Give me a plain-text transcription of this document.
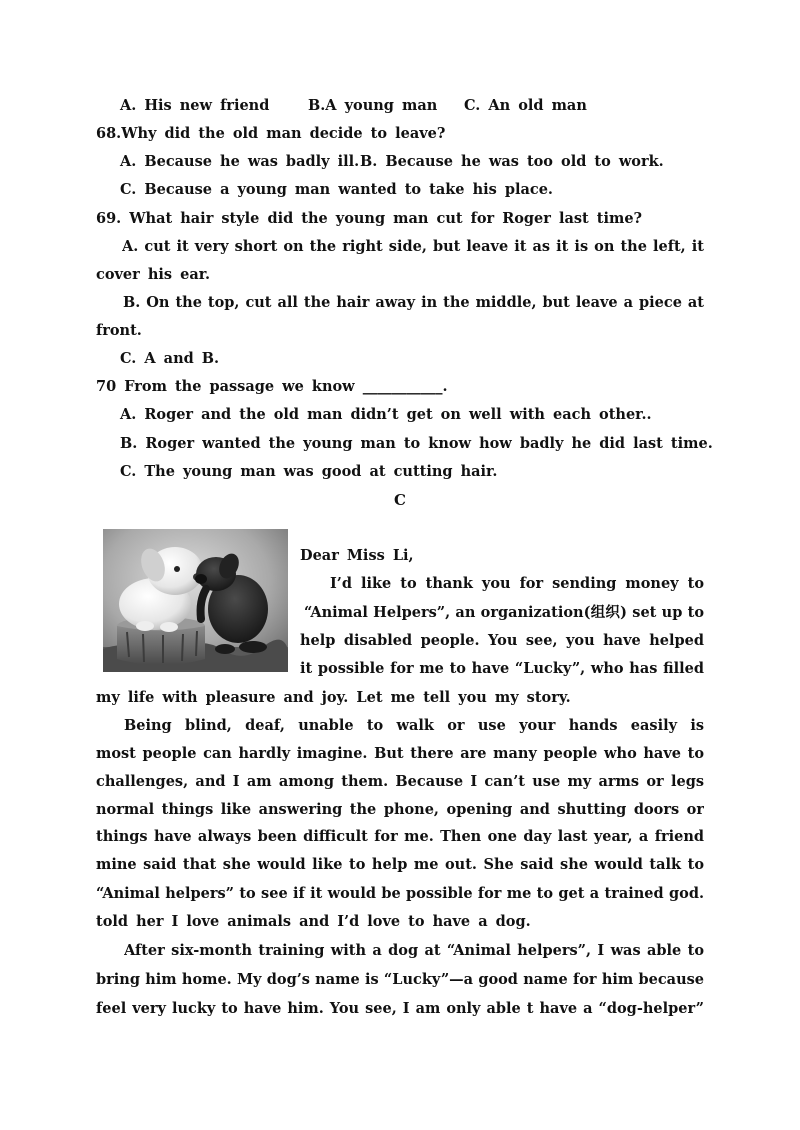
A. His new friend	B.A young man C. An old man
68.Why did the old man decide to leave?
A. Because he was badly ill.B. Because he was too old to work.
C. Because a young man wanted to take his place.
69. What hair style did the young man cut for Roger last time?
A. cut it very short on the right side, but leave it as it is on the left, it
cover his ear.
B. On the top, cut all the hair away in the middle, but leave a piece at
front.
C. A and B.
70 From the passage we know ___________.
A. Roger and the old man didn’t get on well with each other..
B. Roger wanted the young man to know how badly he did last time.
C. The young man was good at cutting hair.
C
Dear Miss Li,
I’d like to thank you for sending money to
“Animal Helpers”, an organization(组织) set up to
help disabled people. You see, you have helped
it possible for me to have “Lucky”, who has filled
my life with pleasure and joy. Let me tell you my story.
Being blind, deaf, unable to walk or use your hands easily is
most people can hardly imagine. But there are many people who have to
challenges, and I am among them. Because I can’t use my arms or legs
normal things like answering the phone, opening and shutting doors or
things have always been difficult for me. Then one day last year, a friend
mine said that she would like to help me out. She said she would talk to
“Animal helpers” to see if it would be possible for me to get a trained god.
told her I love animals and I’d love to have a dog.
After six-month training with a dog at “Animal helpers”, I was able to
bring him home. My dog’s name is “Lucky”—a good name for him because
feel very lucky to have him. You see, I am only able t have a “dog-helper”
